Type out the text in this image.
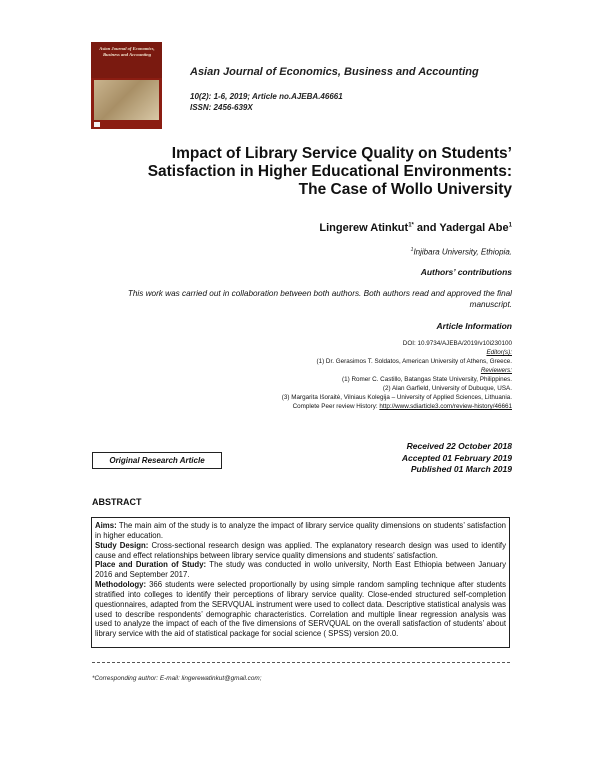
Asian Journal of Economics, Business and Accounting
Asian Journal of Economics, Business and Accounting
10(2): 1-6, 2019; Article no.AJEBA.46661
ISSN: 2456-639X
Impact of Library Service Quality on Students’
Satisfaction in Higher Educational Environments:
The Case of Wollo University
Lingerew Atinkut$^{1*}$ and Yadergal Abe$^1$
$^1$Injibara University, Ethiopia.
Authors’ contributions
This work was carried out in collaboration between both authors. Both authors read and approved the final manuscript.
Article Information
DOI: 10.9734/AJEBA/2019/v10i230100
Editor(s):
(1) Dr. Gerasimos T. Soldatos, American University of Athens, Greece.
Reviewers:
(1) Romer C. Castillo, Batangas State University, Philippines.
(2) Alan Garfield, University of Dubuque, USA.
(3) Margarita Išoraitė, Vilniaus Kolegija – University of Applied Sciences, Lithuania.
Complete Peer review History: http://www.sdiarticle3.com/review-history/46661
Received 22 October 2018
Accepted 01 February 2019
Published 01 March 2019
Original Research Article
ABSTRACT

Aims: The main aim of the study is to analyze the impact of library service quality dimensions on students’ satisfaction in higher education.

Study Design: Cross-sectional research design was applied. The explanatory research design was used to identify cause and effect relationships between library service quality dimensions and students’ satisfaction.

Place and Duration of Study: The study was conducted in wollo university, North East Ethiopia between January 2016 and September 2017.

Methodology: 366 students were selected proportionally by using simple random sampling technique after students stratified into colleges to identify their perceptions of library service quality. Close-ended structured self-completion questionnaires, adapted from the SERVQUAL instrument were used to collect data. Descriptive statistical analysis was used to describe respondents’ demographic characteristics. Correlation and multiple linear regression analysis was used to analyze the impact of each of the five dimensions of SERVQUAL on the overall satisfaction of students’ about library service with the aid of statistical package for social science ( SPSS) version 20.0.

*Corresponding author: E-mail: lingerewatinkut@gmail.com;
